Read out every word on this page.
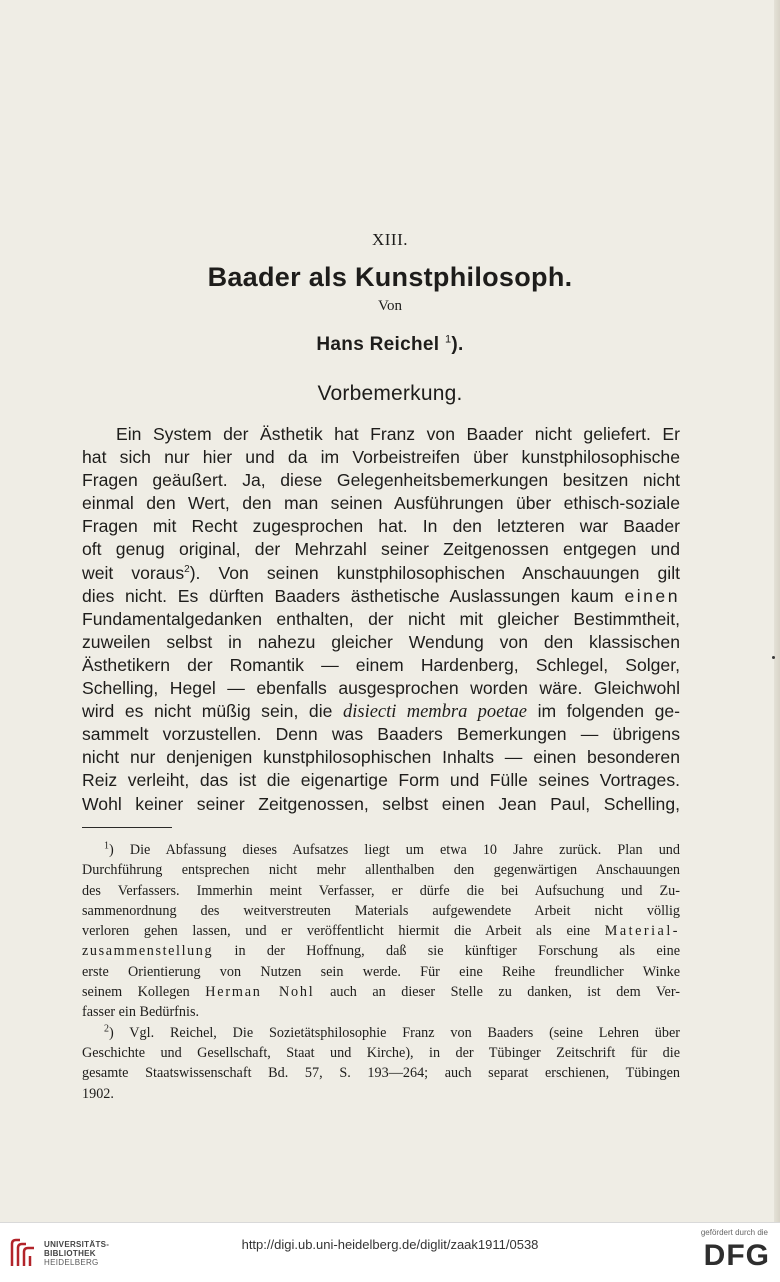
XIII.
Baader als Kunstphilosoph.
Von
Hans Reichel $^1$).
Vorbemerkung.
Ein System der Ästhetik hat Franz von Baader nicht geliefert. Er
hat sich nur hier und da im Vorbeistreifen über kunstphilosophische
Fragen geäußert. Ja, diese Gelegenheitsbemerkungen besitzen nicht
einmal den Wert, den man seinen Ausführungen über ethisch-soziale
Fragen mit Recht zugesprochen hat. In den letzteren war Baader
oft genug original, der Mehrzahl seiner Zeitgenossen entgegen und
weit voraus$^2$). Von seinen kunstphilosophischen Anschauungen gilt
dies nicht. Es dürften Baaders ästhetische Auslassungen kaum einen
Fundamentalgedanken enthalten, der nicht mit gleicher Bestimmtheit,
zuweilen selbst in nahezu gleicher Wendung von den klassischen
Ästhetikern der Romantik — einem Hardenberg, Schlegel, Solger,
Schelling, Hegel — ebenfalls ausgesprochen worden wäre. Gleichwohl
wird es nicht müßig sein, die disiecti membra poetae im folgenden ge-
sammelt vorzustellen. Denn was Baaders Bemerkungen — übrigens
nicht nur denjenigen kunstphilosophischen Inhalts — einen besonderen
Reiz verleiht, das ist die eigenartige Form und Fülle seines Vortrages.
Wohl keiner seiner Zeitgenossen, selbst einen Jean Paul, Schelling,
$^1$) Die Abfassung dieses Aufsatzes liegt um etwa 10 Jahre zurück. Plan und
Durchführung entsprechen nicht mehr allenthalben den gegenwärtigen Anschauungen
des Verfassers. Immerhin meint Verfasser, er dürfe die bei Aufsuchung und Zu-
sammenordnung des weitverstreuten Materials aufgewendete Arbeit nicht völlig
verloren gehen lassen, und er veröffentlicht hiermit die Arbeit als eine Material-
zusammenstellung in der Hoffnung, daß sie künftiger Forschung als eine
erste Orientierung von Nutzen sein werde. Für eine Reihe freundlicher Winke
seinem Kollegen Herman Nohl auch an dieser Stelle zu danken, ist dem Ver-
fasser ein Bedürfnis.
$^2$) Vgl. Reichel, Die Sozietätsphilosophie Franz von Baaders (seine Lehren über
Geschichte und Gesellschaft, Staat und Kirche), in der Tübinger Zeitschrift für die
gesamte Staatswissenschaft Bd. 57, S. 193—264; auch separat erschienen, Tübingen
1902.
UNIVERSITÄTS-
BIBLIOTHEK
HEIDELBERG
http://digi.ub.uni-heidelberg.de/diglit/zaak1911/0538
gefördert durch die
DFG
